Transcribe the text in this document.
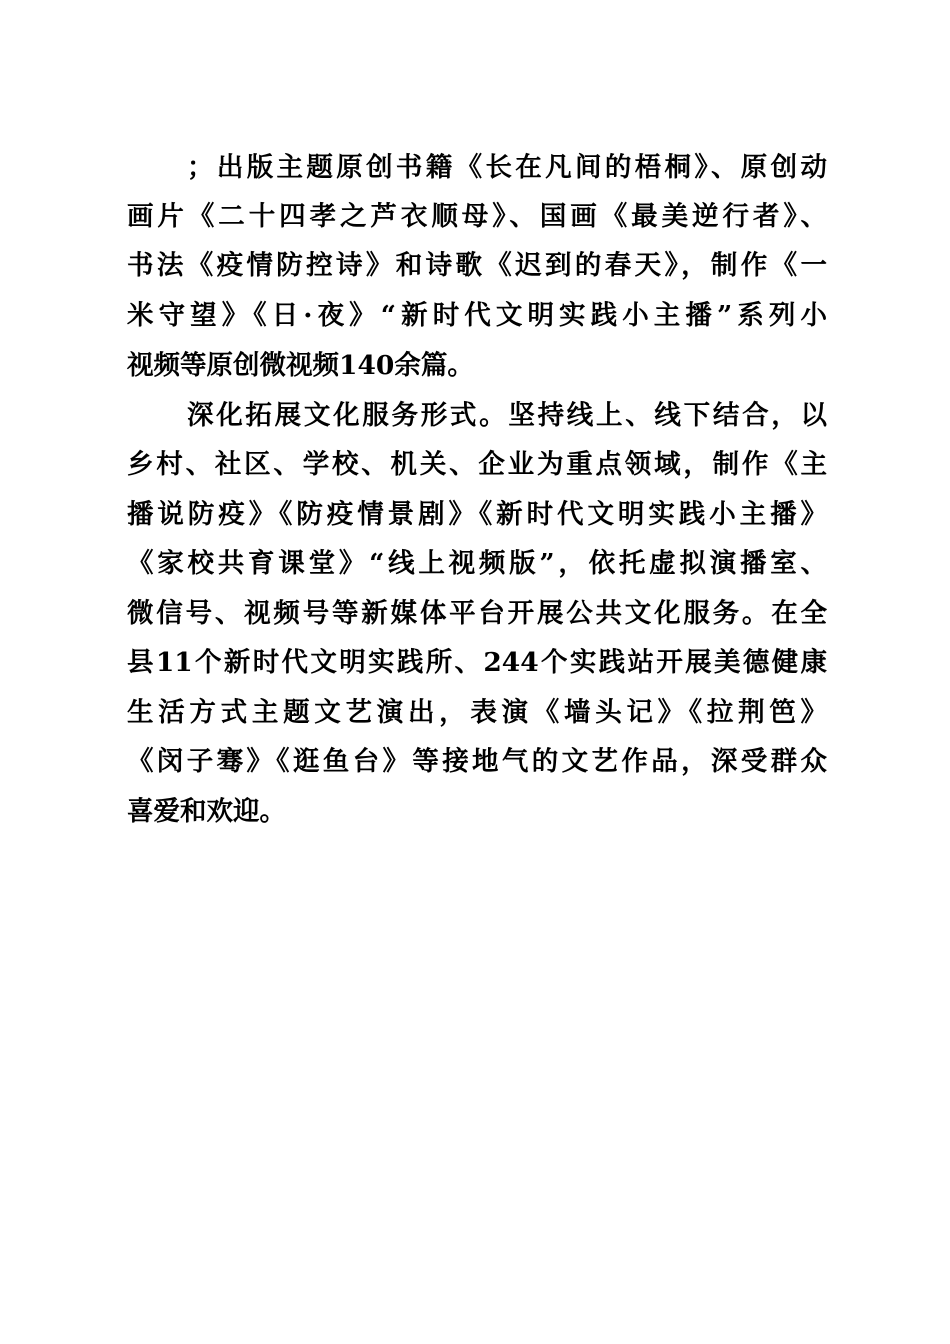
；出版主题原创书籍《长在凡间的梧桐》、原创动
画片《二十四孝之芦衣顺母》、国画《最美逆行者》、
书法《疫情防控诗》和诗歌《迟到的春天》，制作《一
米守望》《日·夜》“新时代文明实践小主播”系列小
视频等原创微视频140余篇。
深化拓展文化服务形式。坚持线上、线下结合，以
乡村、社区、学校、机关、企业为重点领域，制作《主
播说防疫》《防疫情景剧》《新时代文明实践小主播》
《家校共育课堂》“线上视频版”，依托虚拟演播室、
微信号、视频号等新媒体平台开展公共文化服务。在全
县11个新时代文明实践所、244个实践站开展美德健康
生活方式主题文艺演出，表演《墙头记》《拉荆笆》
《闵子骞》《逛鱼台》等接地气的文艺作品，深受群众
喜爱和欢迎。
